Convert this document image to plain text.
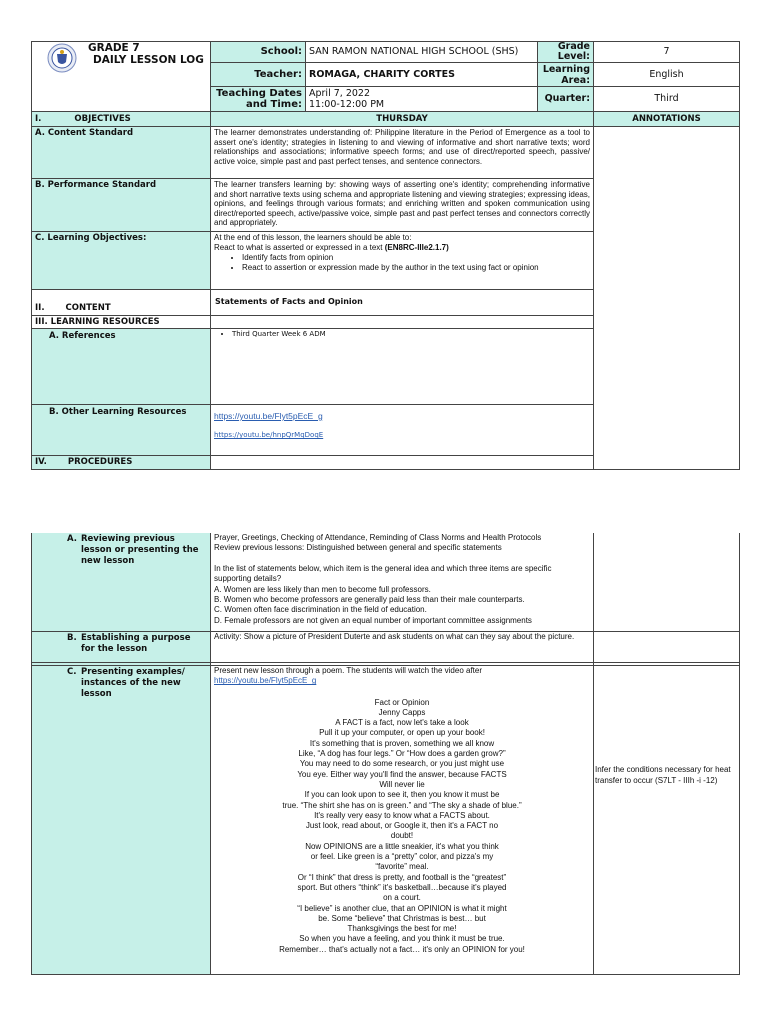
GRADE 7
DAILY LESSON LOG
School: SAN RAMON NATIONAL HIGH SCHOOL (SHS)	Grade Level:	7
Teacher: ROMAGA, CHARITY CORTES	Learning Area:
English
Teaching Dates and Time:
April 7, 2022
11:00-12:00 PM
Quarter:	Third
I.	OBJECTIVES	THURSDAY	ANNOTATIONS
A. Content Standard	The learner demonstrates understanding of: Philippine literature in the Period of Emergence as a tool to assert one's identity; strategies in listening to and viewing of informative and short narrative texts; word relationships and associations; informative speech forms; and use of direct/reported speech, passive/ active voice, simple past and past perfect tenses, and sentence connectors.
B. Performance Standard	The learner transfers learning by: showing ways of asserting one's identity; comprehending informative and short narrative texts using schema and appropriate listening and viewing strategies; expressing ideas, opinions, and feelings through various formats; and enriching written and spoken communication using direct/reported speech, active/passive voice, simple past and past perfect tenses and connectors correctly and appropriately.
C. Learning Objectives:	At the end of this lesson, the learners should be able to:
React to what is asserted or expressed in a text (EN8RC-IIIe2.1.7)
• Identify facts from opinion
• React to assertion or expression made by the author in the text using fact or opinion
II. CONTENT
Statements of Facts and Opinion
III. LEARNING RESOURCES
A. References
•	Third Quarter Week 6 ADM
B. Other Learning Resources	https://youtu.be/Flyt5pEcE_g
https://youtu.be/hnpQrMqDoqE
IV. PROCEDURES
A. Reviewing previous lesson or presenting the new lesson
Prayer, Greetings, Checking of Attendance, Reminding of Class Norms and Health Protocols
Review previous lessons: Distinguished between general and specific statements
In the list of statements below, which item is the general idea and which three items are specific supporting details?
A. Women are less likely than men to become full professors.
B. Women who become professors are generally paid less than their male counterparts.
C. Women often face discrimination in the field of education.
D. Female professors are not given an equal number of important committee assignments
B. Establishing a purpose for the lesson
Activity: Show a picture of President Duterte and ask students on what can they say about the picture.
C. Presenting examples/ instances of the new lesson
Present new lesson through a poem. The students will watch the video after
https://youtu.be/Flyt5pEcE_g
Fact or Opinion
Jenny Capps
A FACT is a fact, now let's take a look
Pull it up your computer, or open up your book!
It's something that is proven, something we all know
Like, “A dog has four legs.” Or “How does a garden grow?”
You may need to do some research, or you just might use
You eye. Either way you'll find the answer, because FACTS
Will never lie
If you can look upon to see it, then you know it must be
true. “The shirt she has on is green.” and “The sky a shade of blue.”
It's really very easy to know what a FACTS about.
Just look, read about, or Google it, then it's a FACT no
doubt!
Now OPINIONS are a little sneakier, it's what you think
or feel. Like green is a “pretty” color, and pizza's my
“favorite” meal.
Or “I think” that dress is pretty, and football is the “greatest”
sport. But others “think” it's basketball…because it's played
on a court.
“I believe” is another clue, that an OPINION is what it might
be. Some “believe” that Christmas is best… but
Thanksgivings the best for me!
So when you have a feeling, and you think it must be true.
Remember… that's actually not a fact… it's only an OPINION for you!
Infer the conditions necessary for heat transfer to occur (S7LT - IIIh -i -12)
